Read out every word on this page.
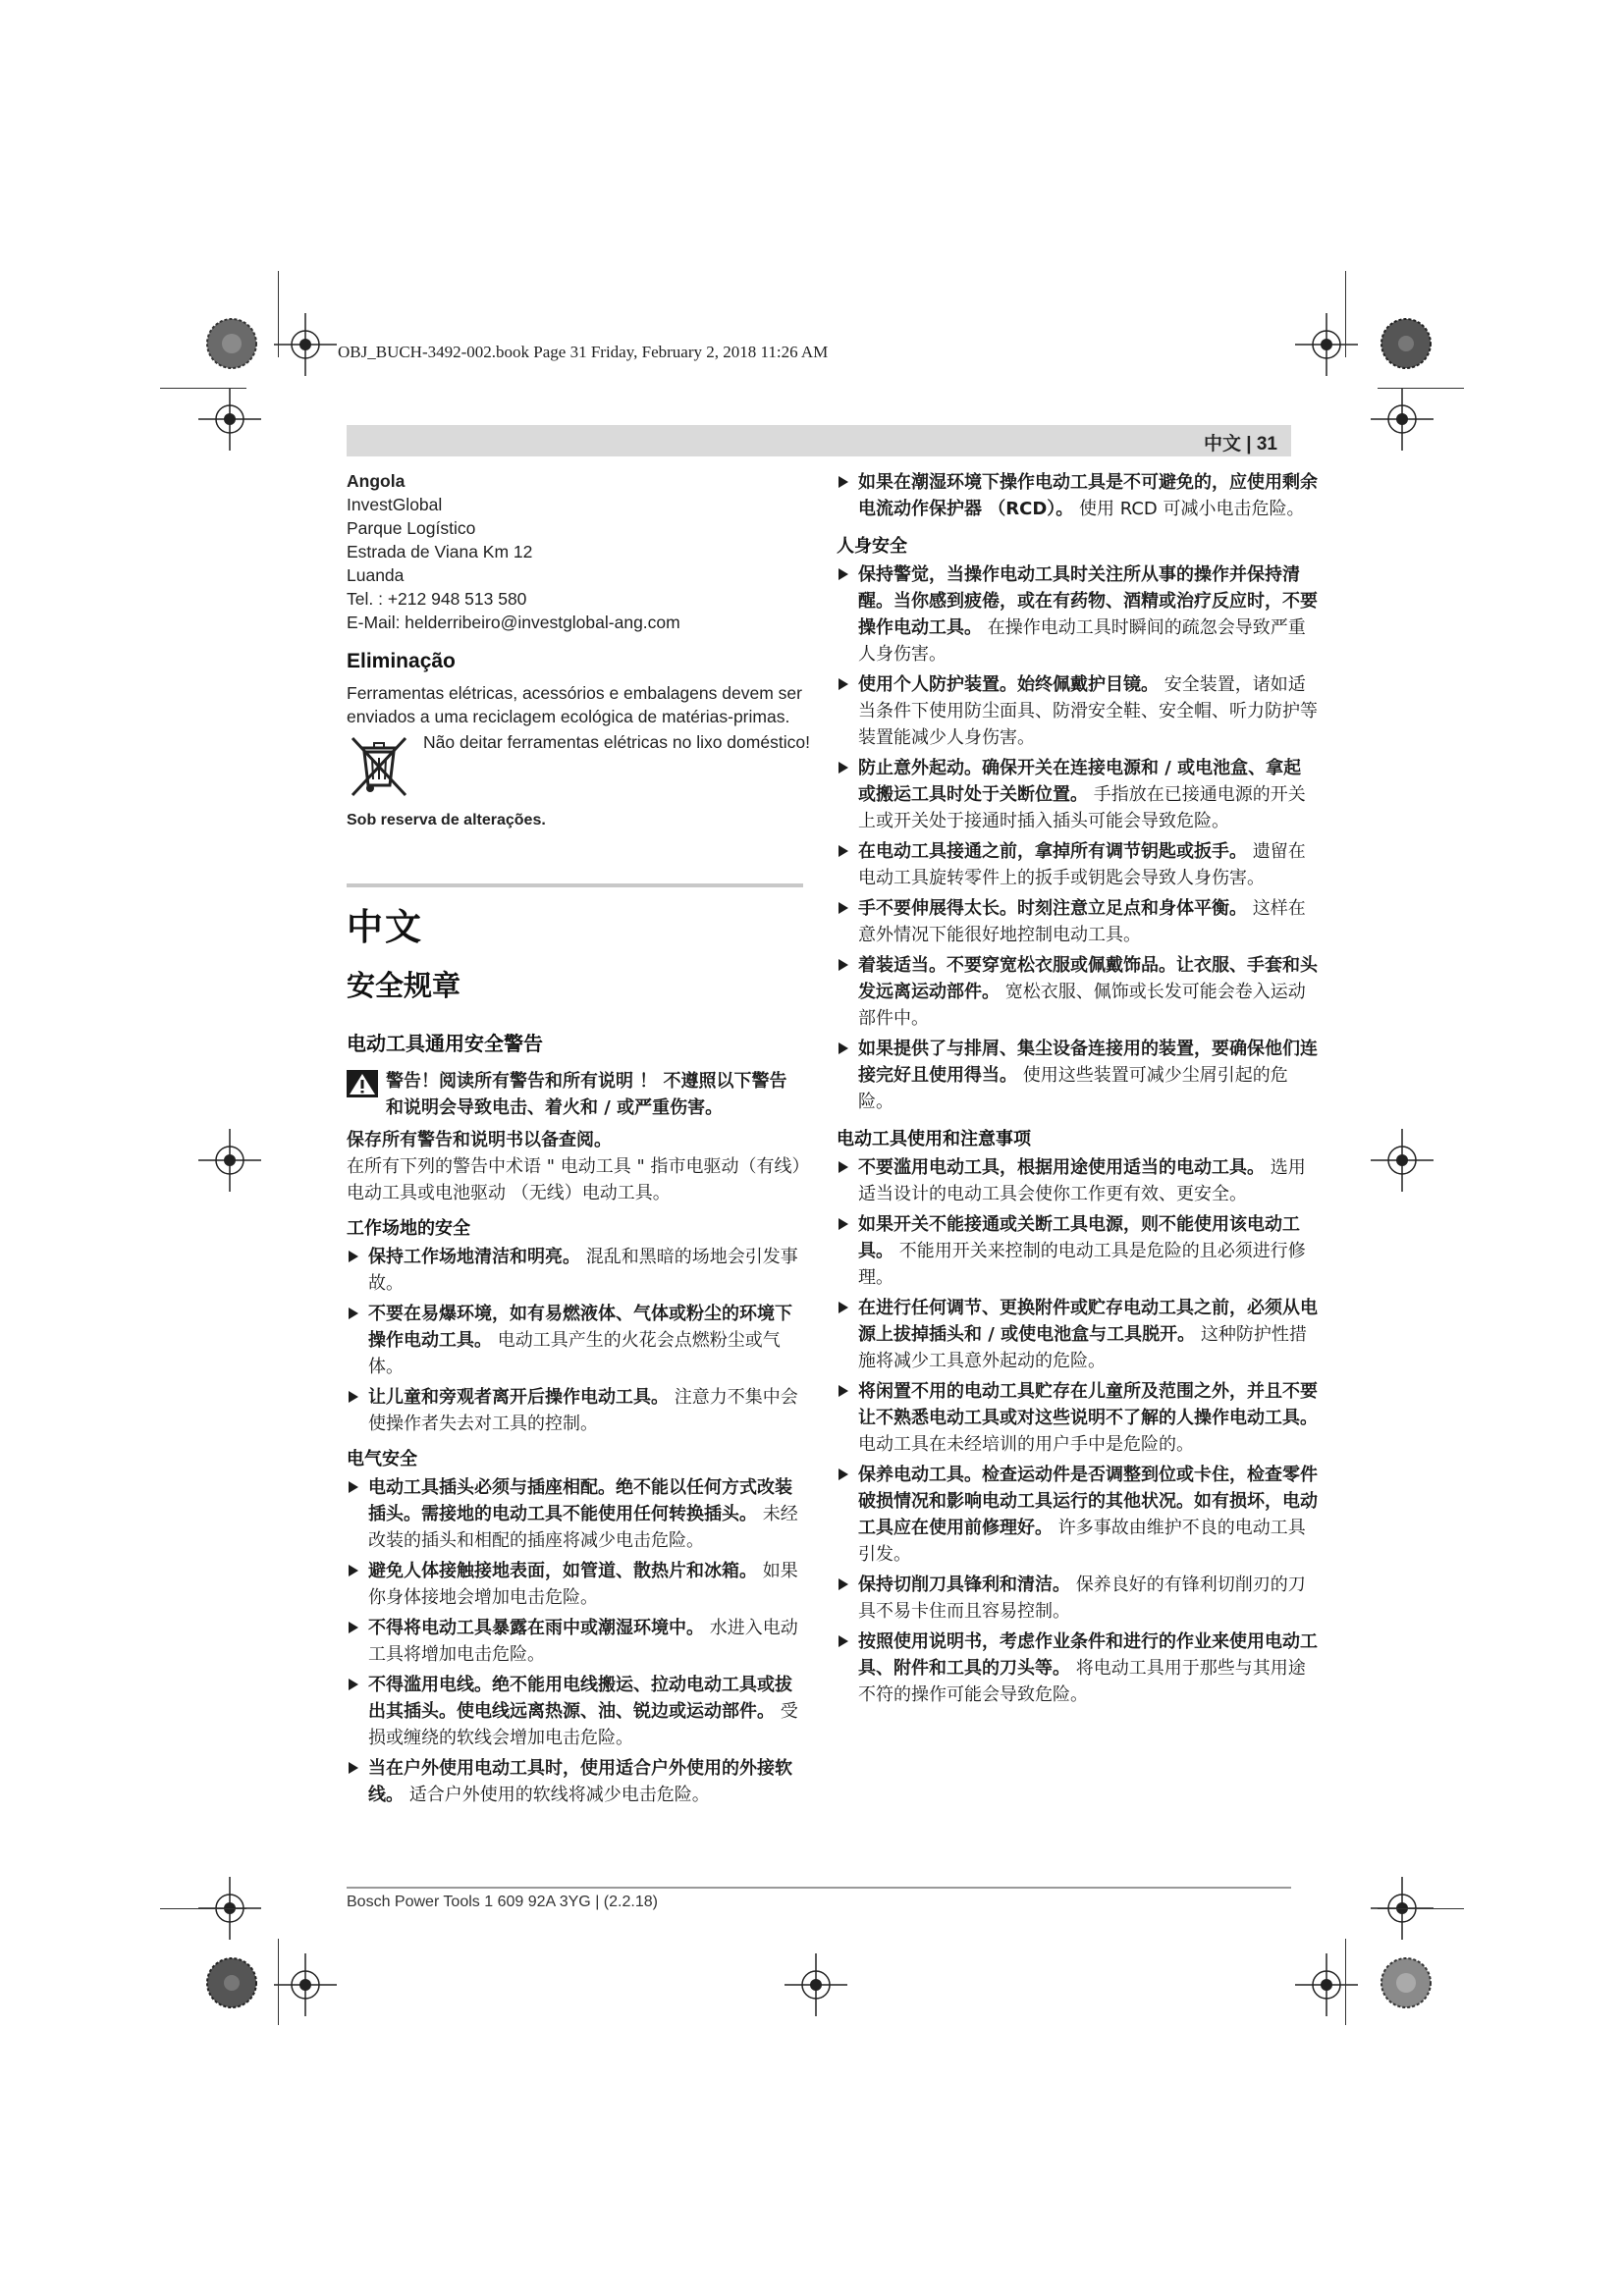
OBJ_BUCH-3492-002.book Page 31 Friday, February 2, 2018 11:26 AM
中文 | 31

Angola

InvestGlobal

Parque Logístico

Estrada de Viana Km 12

Luanda

Tel. : +212 948 513 580

E-Mail: helderribeiro@investglobal-ang.com

Eliminação

Ferramentas elétricas, acessórios e embalagens devem ser enviados a uma reciclagem ecológica de matérias-primas.

Não deitar ferramentas elétricas no lixo doméstico!

Sob reserva de alterações.

中文

安全规章

电动工具通用安全警告

警告！阅读所有警告和所有说明 ！ 不遵照以下警告和说明会导致电击、着火和 / 或严重伤害。

保存所有警告和说明书以备查阅。

在所有下列的警告中术语 " 电动工具 " 指市电驱动（有线）电动工具或电池驱动 （无线）电动工具。

工作场地的安全

保持工作场地清洁和明亮。 混乱和黑暗的场地会引发事故。

不要在易爆环境，如有易燃液体、气体或粉尘的环境下操作电动工具。 电动工具产生的火花会点燃粉尘或气体。

让儿童和旁观者离开后操作电动工具。 注意力不集中会使操作者失去对工具的控制。

电气安全

电动工具插头必须与插座相配。绝不能以任何方式改装插头。需接地的电动工具不能使用任何转换插头。 未经改装的插头和相配的插座将减少电击危险。

避免人体接触接地表面，如管道、散热片和冰箱。 如果你身体接地会增加电击危险。

不得将电动工具暴露在雨中或潮湿环境中。 水进入电动工具将增加电击危险。

不得滥用电线。绝不能用电线搬运、拉动电动工具或拔出其插头。使电线远离热源、油、锐边或运动部件。 受损或缠绕的软线会增加电击危险。

当在户外使用电动工具时，使用适合户外使用的外接软线。 适合户外使用的软线将减少电击危险。

如果在潮湿环境下操作电动工具是不可避免的，应使用剩余电流动作保护器 （RCD）。 使用 RCD 可减小电击危险。

人身安全

保持警觉，当操作电动工具时关注所从事的操作并保持清醒。当你感到疲倦，或在有药物、酒精或治疗反应时，不要操作电动工具。 在操作电动工具时瞬间的疏忽会导致严重人身伤害。

使用个人防护装置。始终佩戴护目镜。 安全装置，诸如适当条件下使用防尘面具、防滑安全鞋、安全帽、听力防护等装置能减少人身伤害。

防止意外起动。确保开关在连接电源和 / 或电池盒、拿起或搬运工具时处于关断位置。 手指放在已接通电源的开关上或开关处于接通时插入插头可能会导致危险。

在电动工具接通之前，拿掉所有调节钥匙或扳手。 遗留在电动工具旋转零件上的扳手或钥匙会导致人身伤害。

手不要伸展得太长。时刻注意立足点和身体平衡。 这样在意外情况下能很好地控制电动工具。

着装适当。不要穿宽松衣服或佩戴饰品。让衣服、手套和头发远离运动部件。 宽松衣服、佩饰或长发可能会卷入运动部件中。

如果提供了与排屑、集尘设备连接用的装置，要确保他们连接完好且使用得当。 使用这些装置可减少尘屑引起的危险。

电动工具使用和注意事项

不要滥用电动工具，根据用途使用适当的电动工具。 选用适当设计的电动工具会使你工作更有效、更安全。

如果开关不能接通或关断工具电源，则不能使用该电动工具。 不能用开关来控制的电动工具是危险的且必须进行修理。

在进行任何调节、更换附件或贮存电动工具之前，必须从电源上拔掉插头和 / 或使电池盒与工具脱开。 这种防护性措施将减少工具意外起动的危险。

将闲置不用的电动工具贮存在儿童所及范围之外，并且不要让不熟悉电动工具或对这些说明不了解的人操作电动工具。 电动工具在未经培训的用户手中是危险的。

保养电动工具。检查运动件是否调整到位或卡住，检查零件破损情况和影响电动工具运行的其他状况。如有损坏，电动工具应在使用前修理好。 许多事故由维护不良的电动工具引发。

保持切削刀具锋利和清洁。 保养良好的有锋利切削刃的刀具不易卡住而且容易控制。

按照使用说明书，考虑作业条件和进行的作业来使用电动工具、附件和工具的刀头等。 将电动工具用于那些与其用途不符的操作可能会导致危险。

Bosch Power Tools 1 609 92A 3YG | (2.2.18)
